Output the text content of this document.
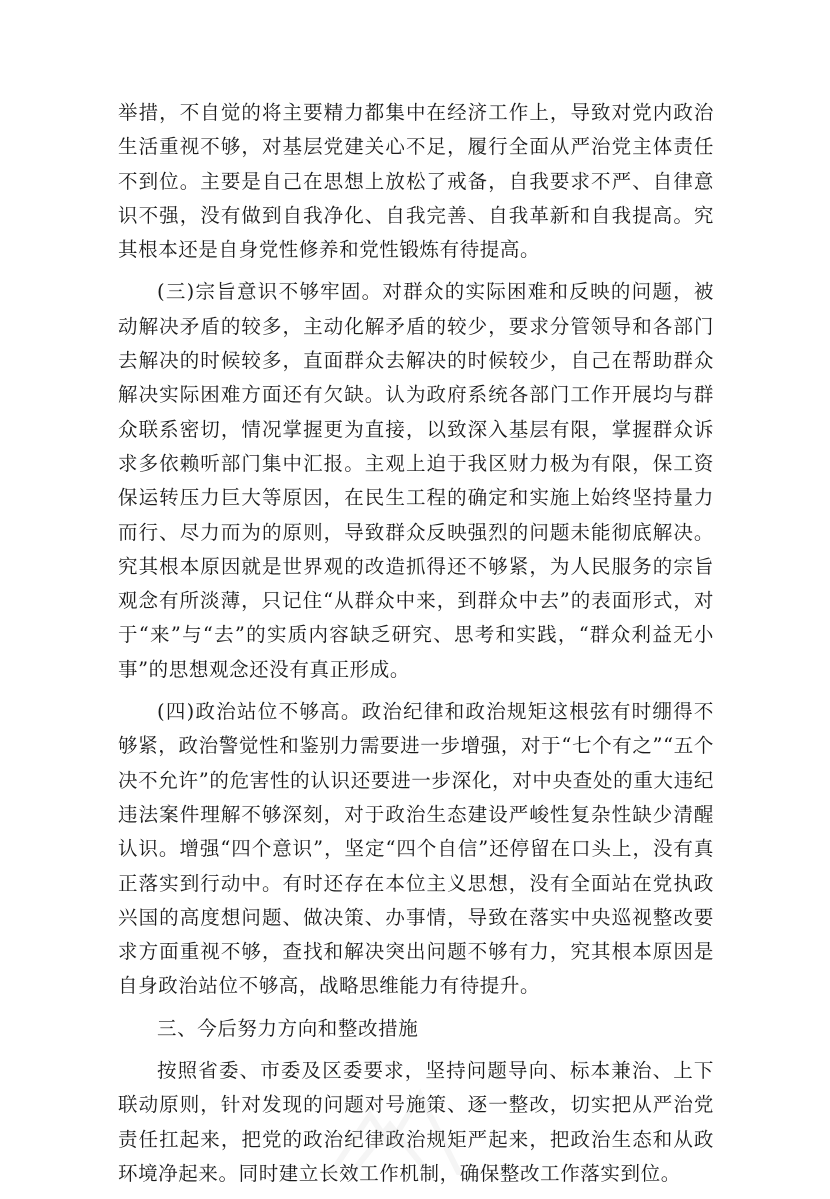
举措，不自觉的将主要精力都集中在经济工作上，导致对党内政治生活重视不够，对基层党建关心不足，履行全面从严治党主体责任不到位。主要是自己在思想上放松了戒备，自我要求不严、自律意识不强，没有做到自我净化、自我完善、自我革新和自我提高。究其根本还是自身党性修养和党性锻炼有待提高。

(三)宗旨意识不够牢固。对群众的实际困难和反映的问题，被动解决矛盾的较多，主动化解矛盾的较少，要求分管领导和各部门去解决的时候较多，直面群众去解决的时候较少，自己在帮助群众解决实际困难方面还有欠缺。认为政府系统各部门工作开展均与群众联系密切，情况掌握更为直接，以致深入基层有限，掌握群众诉求多依赖听部门集中汇报。主观上迫于我区财力极为有限，保工资保运转压力巨大等原因，在民生工程的确定和实施上始终坚持量力而行、尽力而为的原则，导致群众反映强烈的问题未能彻底解决。究其根本原因就是世界观的改造抓得还不够紧，为人民服务的宗旨观念有所淡薄，只记住“从群众中来，到群众中去”的表面形式，对于“来”与“去”的实质内容缺乏研究、思考和实践，“群众利益无小事”的思想观念还没有真正形成。

(四)政治站位不够高。政治纪律和政治规矩这根弦有时绷得不够紧，政治警觉性和鉴别力需要进一步增强，对于“七个有之”“五个决不允许”的危害性的认识还要进一步深化，对中央查处的重大违纪违法案件理解不够深刻，对于政治生态建设严峻性复杂性缺少清醒认识。增强“四个意识”，坚定“四个自信”还停留在口头上，没有真正落实到行动中。有时还存在本位主义思想，没有全面站在党执政兴国的高度想问题、做决策、办事情，导致在落实中央巡视整改要求方面重视不够，查找和解决突出问题不够有力，究其根本原因是自身政治站位不够高，战略思维能力有待提升。

三、今后努力方向和整改措施

按照省委、市委及区委要求，坚持问题导向、标本兼治、上下联动原则，针对发现的问题对号施策、逐一整改，切实把从严治党责任扛起来，把党的政治纪律政治规矩严起来，把政治生态和从政环境净起来。同时建立长效工作机制，确保整改工作落实到位。
